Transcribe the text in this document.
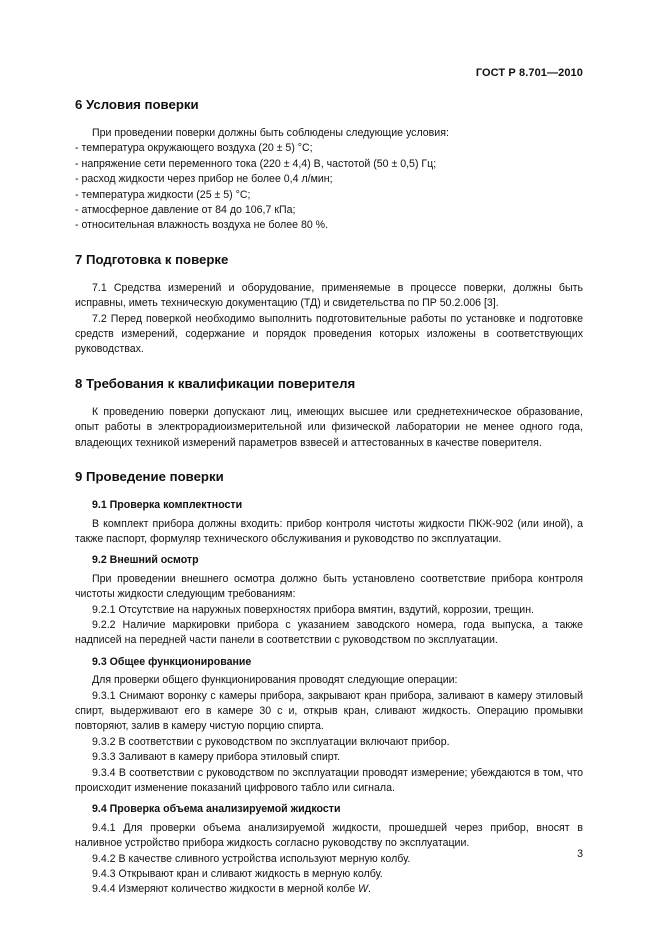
ГОСТ Р 8.701—2010
6 Условия поверки

При проведении поверки должны быть соблюдены следующие условия:

- температура окружающего воздуха (20 ± 5) °С;
- напряжение сети переменного тока (220 ± 4,4) В, частотой (50 ± 0,5) Гц;
- расход жидкости через прибор не более 0,4 л/мин;
- температура жидкости (25 ± 5) °С;
- атмосферное давление от 84 до 106,7 кПа;
- относительная влажность воздуха не более 80 %.
7 Подготовка к поверке

7.1 Средства измерений и оборудование, применяемые в процессе поверки, должны быть исправны, иметь техническую документацию (ТД) и свидетельства по ПР 50.2.006 [3].

7.2 Перед поверкой необходимо выполнить подготовительные работы по установке и подготовке средств измерений, содержание и порядок проведения которых изложены в соответствующих руководствах.

8 Требования к квалификации поверителя

К проведению поверки допускают лиц, имеющих высшее или среднетехническое образование, опыт работы в электрорадиоизмерительной или физической лаборатории не менее одного года, владеющих техникой измерений параметров взвесей и аттестованных в качестве поверителя.

9 Проведение поверки
9.1 Проверка комплектности

В комплект прибора должны входить: прибор контроля чистоты жидкости ПКЖ-902 (или иной), а также паспорт, формуляр технического обслуживания и руководство по эксплуатации.

9.2 Внешний осмотр

При проведении внешнего осмотра должно быть установлено соответствие прибора контроля чистоты жидкости следующим требованиям:

9.2.1 Отсутствие на наружных поверхностях прибора вмятин, вздутий, коррозии, трещин.

9.2.2 Наличие маркировки прибора с указанием заводского номера, года выпуска, а также надписей на передней части панели в соответствии с руководством по эксплуатации.

9.3 Общее функционирование

Для проверки общего функционирования проводят следующие операции:

9.3.1 Снимают воронку с камеры прибора, закрывают кран прибора, заливают в камеру этиловый спирт, выдерживают его в камере 30 с и, открыв кран, сливают жидкость. Операцию промывки повторяют, залив в камеру чистую порцию спирта.

9.3.2 В соответствии с руководством по эксплуатации включают прибор.

9.3.3 Заливают в камеру прибора этиловый спирт.

9.3.4 В соответствии с руководством по эксплуатации проводят измерение; убеждаются в том, что происходит изменение показаний цифрового табло или сигнала.

9.4 Проверка объема анализируемой жидкости

9.4.1 Для проверки объема анализируемой жидкости, прошедшей через прибор, вносят в наливное устройство прибора жидкость согласно руководству по эксплуатации.

9.4.2 В качестве сливного устройства используют мерную колбу.

9.4.3 Открывают кран и сливают жидкость в мерную колбу.

9.4.4 Измеряют количество жидкости в мерной колбе W.

3
